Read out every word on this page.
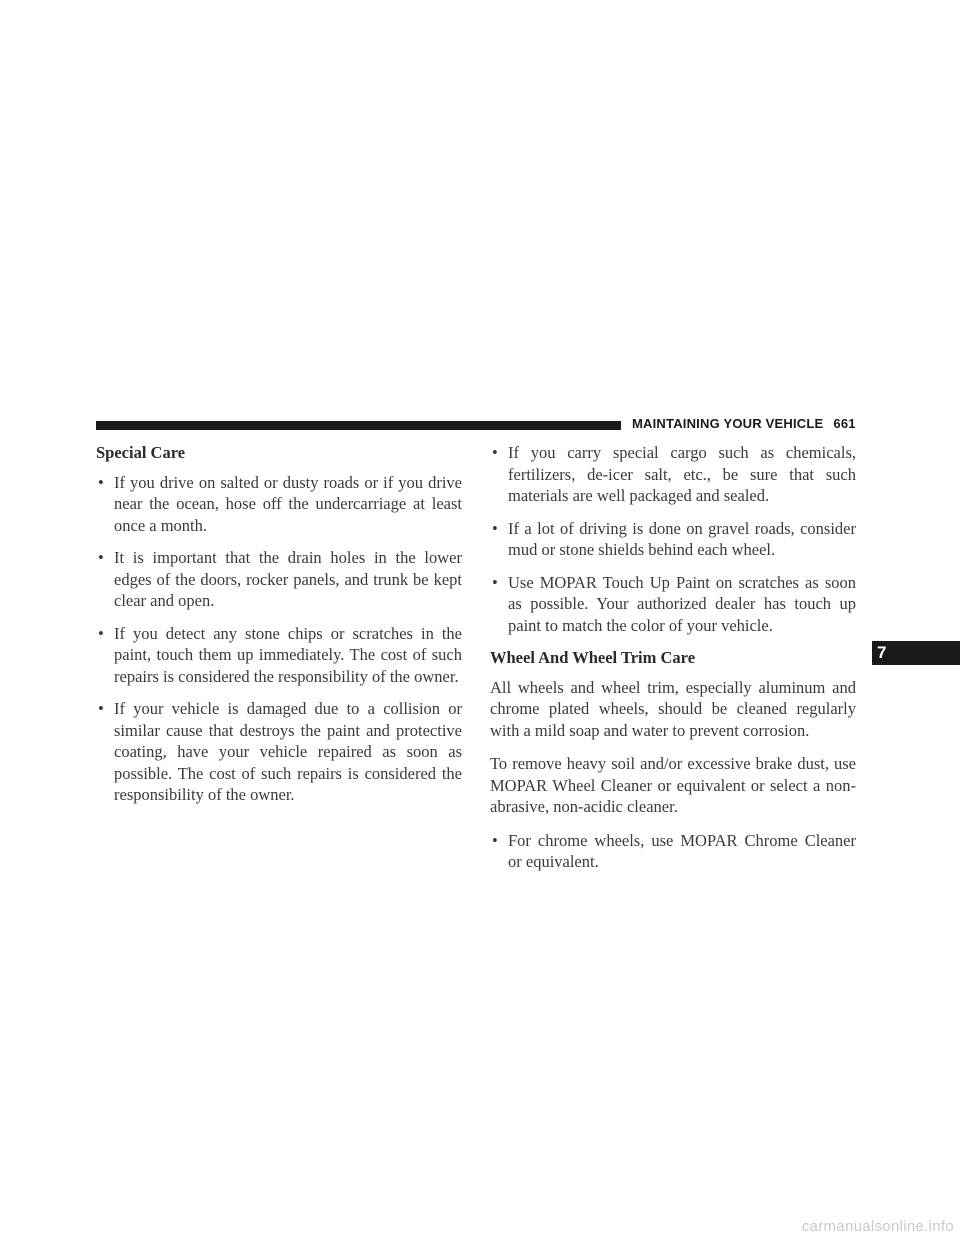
MAINTAINING YOUR VEHICLE 661
Special Care
• If you drive on salted or dusty roads or if you drive near the ocean, hose off the undercarriage at least once a month.
• It is important that the drain holes in the lower edges of the doors, rocker panels, and trunk be kept clear and open.
• If you detect any stone chips or scratches in the paint, touch them up immediately. The cost of such repairs is considered the responsibility of the owner.
• If your vehicle is damaged due to a collision or similar cause that destroys the paint and protective coating, have your vehicle repaired as soon as possible. The cost of such repairs is considered the responsibility of the owner.
• If you carry special cargo such as chemicals, fertilizers, de-icer salt, etc., be sure that such materials are well packaged and sealed.
• If a lot of driving is done on gravel roads, consider mud or stone shields behind each wheel.
• Use MOPAR Touch Up Paint on scratches as soon as possible. Your authorized dealer has touch up paint to match the color of your vehicle.
Wheel And Wheel Trim Care

All wheels and wheel trim, especially aluminum and chrome plated wheels, should be cleaned regularly with a mild soap and water to prevent corrosion.

To remove heavy soil and/or excessive brake dust, use MOPAR Wheel Cleaner or equivalent or select a non-abrasive, non-acidic cleaner.

• For chrome wheels, use MOPAR Chrome Cleaner or equivalent.
7
carmanualsonline.info
